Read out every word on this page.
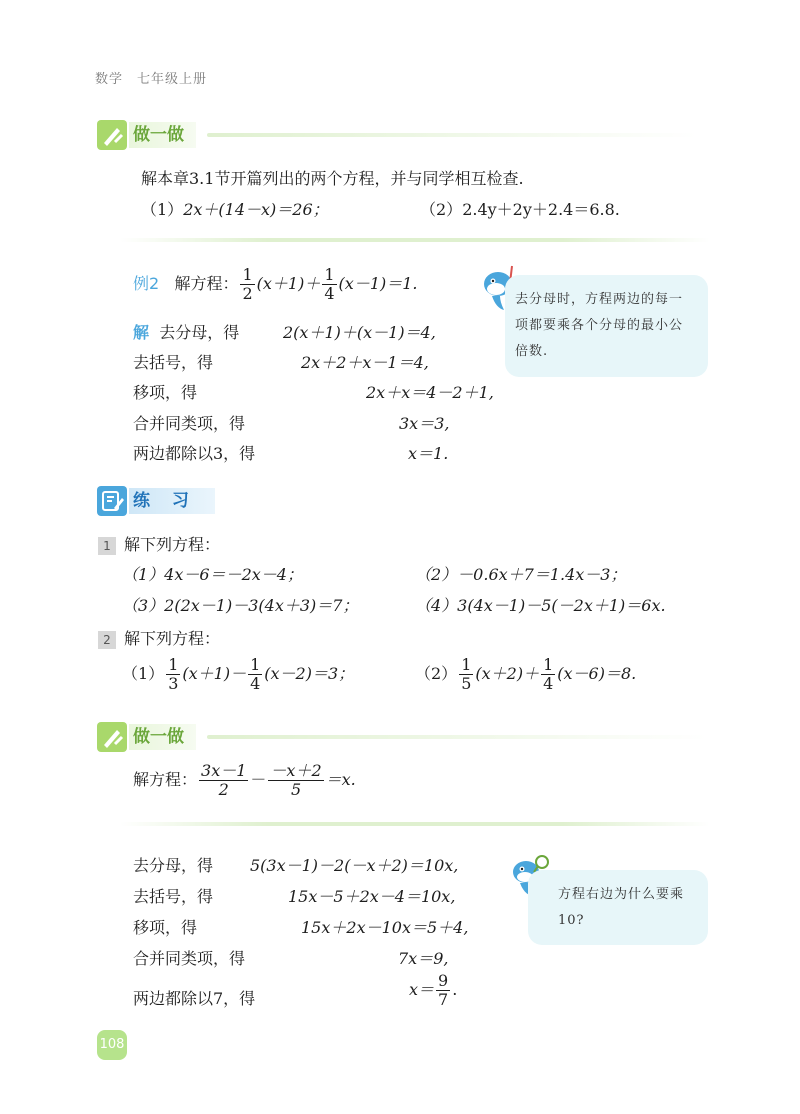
数学　七年级上册
做一做
解本章3.1节开篇列出的两个方程，并与同学相互检查.
（1）2x＋(14－x)＝26；	（2）2.4y＋2y＋2.4＝6.8.
例2 解方程： $\frac{1}{2} (x+1)+ \frac{1}{4} (x-1)=1$.
解 去分母，得	2(x＋1)＋(x－1)＝4,
去括号，得	2x＋2＋x－1＝4,
移项，得	2x＋x＝4－2＋1,
合并同类项，得	3x＝3,
两边都除以3，得	x＝1.
去分母时，方程两边的每一项都要乘各个分母的最小公倍数.
练 习
1 解下列方程：
（1）4x－6＝－2x－4；	（2）－0.6x＋7＝1.4x－3；
（3）2(2x－1)－3(4x＋3)＝7；	（4）3(4x－1)－5(－2x＋1)＝6x.
2 解下列方程：
$(1) \frac{1}{3} (x+1)- \frac{1}{4} (x-2)=3$；	$(2) \frac{1}{5} (x+2)+ \frac{1}{4} (x-6)=8$.
做一做
解方程： $\frac{3x-1}{2} - \frac{-x+2}{5} =x$.
去分母，得 5(3x－1)－2(－x＋2)＝10x,
去括号，得	15x－5＋2x－4＝10x,
移项，得	15x＋2x－10x＝5＋4,
合并同类项，得	7x＝9,
两边都除以7，得	$x= \frac{9}{7}$ .
方程右边为什么要乘10?
108
